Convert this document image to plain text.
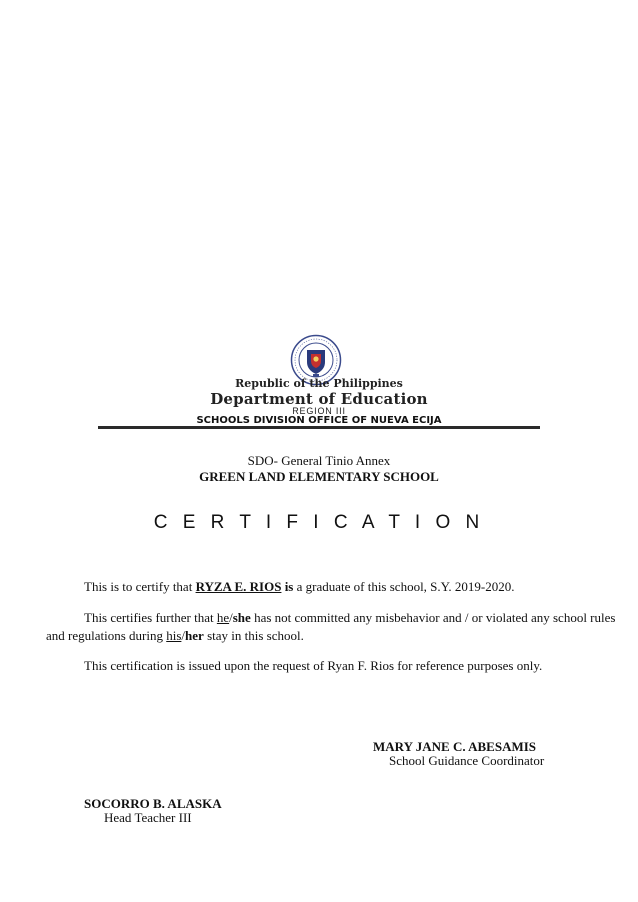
Republic of the Philippines
Department of Education
REGION III
SCHOOLS DIVISION OFFICE OF NUEVA ECIJA
SDO- General Tinio Annex
GREEN LAND ELEMENTARY SCHOOL
C E R T I F I C A T I O N
This is to certify that RYZA E. RIOS is a graduate of this school, S.Y. 2019-2020.
This certifies further that he/she has not committed any misbehavior and / or violated any school rules and regulations during his/her stay in this school.
This certification is issued upon the request of Ryan F. Rios for reference purposes only.
MARY JANE C. ABESAMIS
School Guidance Coordinator
SOCORRO B. ALASKA
Head Teacher III
